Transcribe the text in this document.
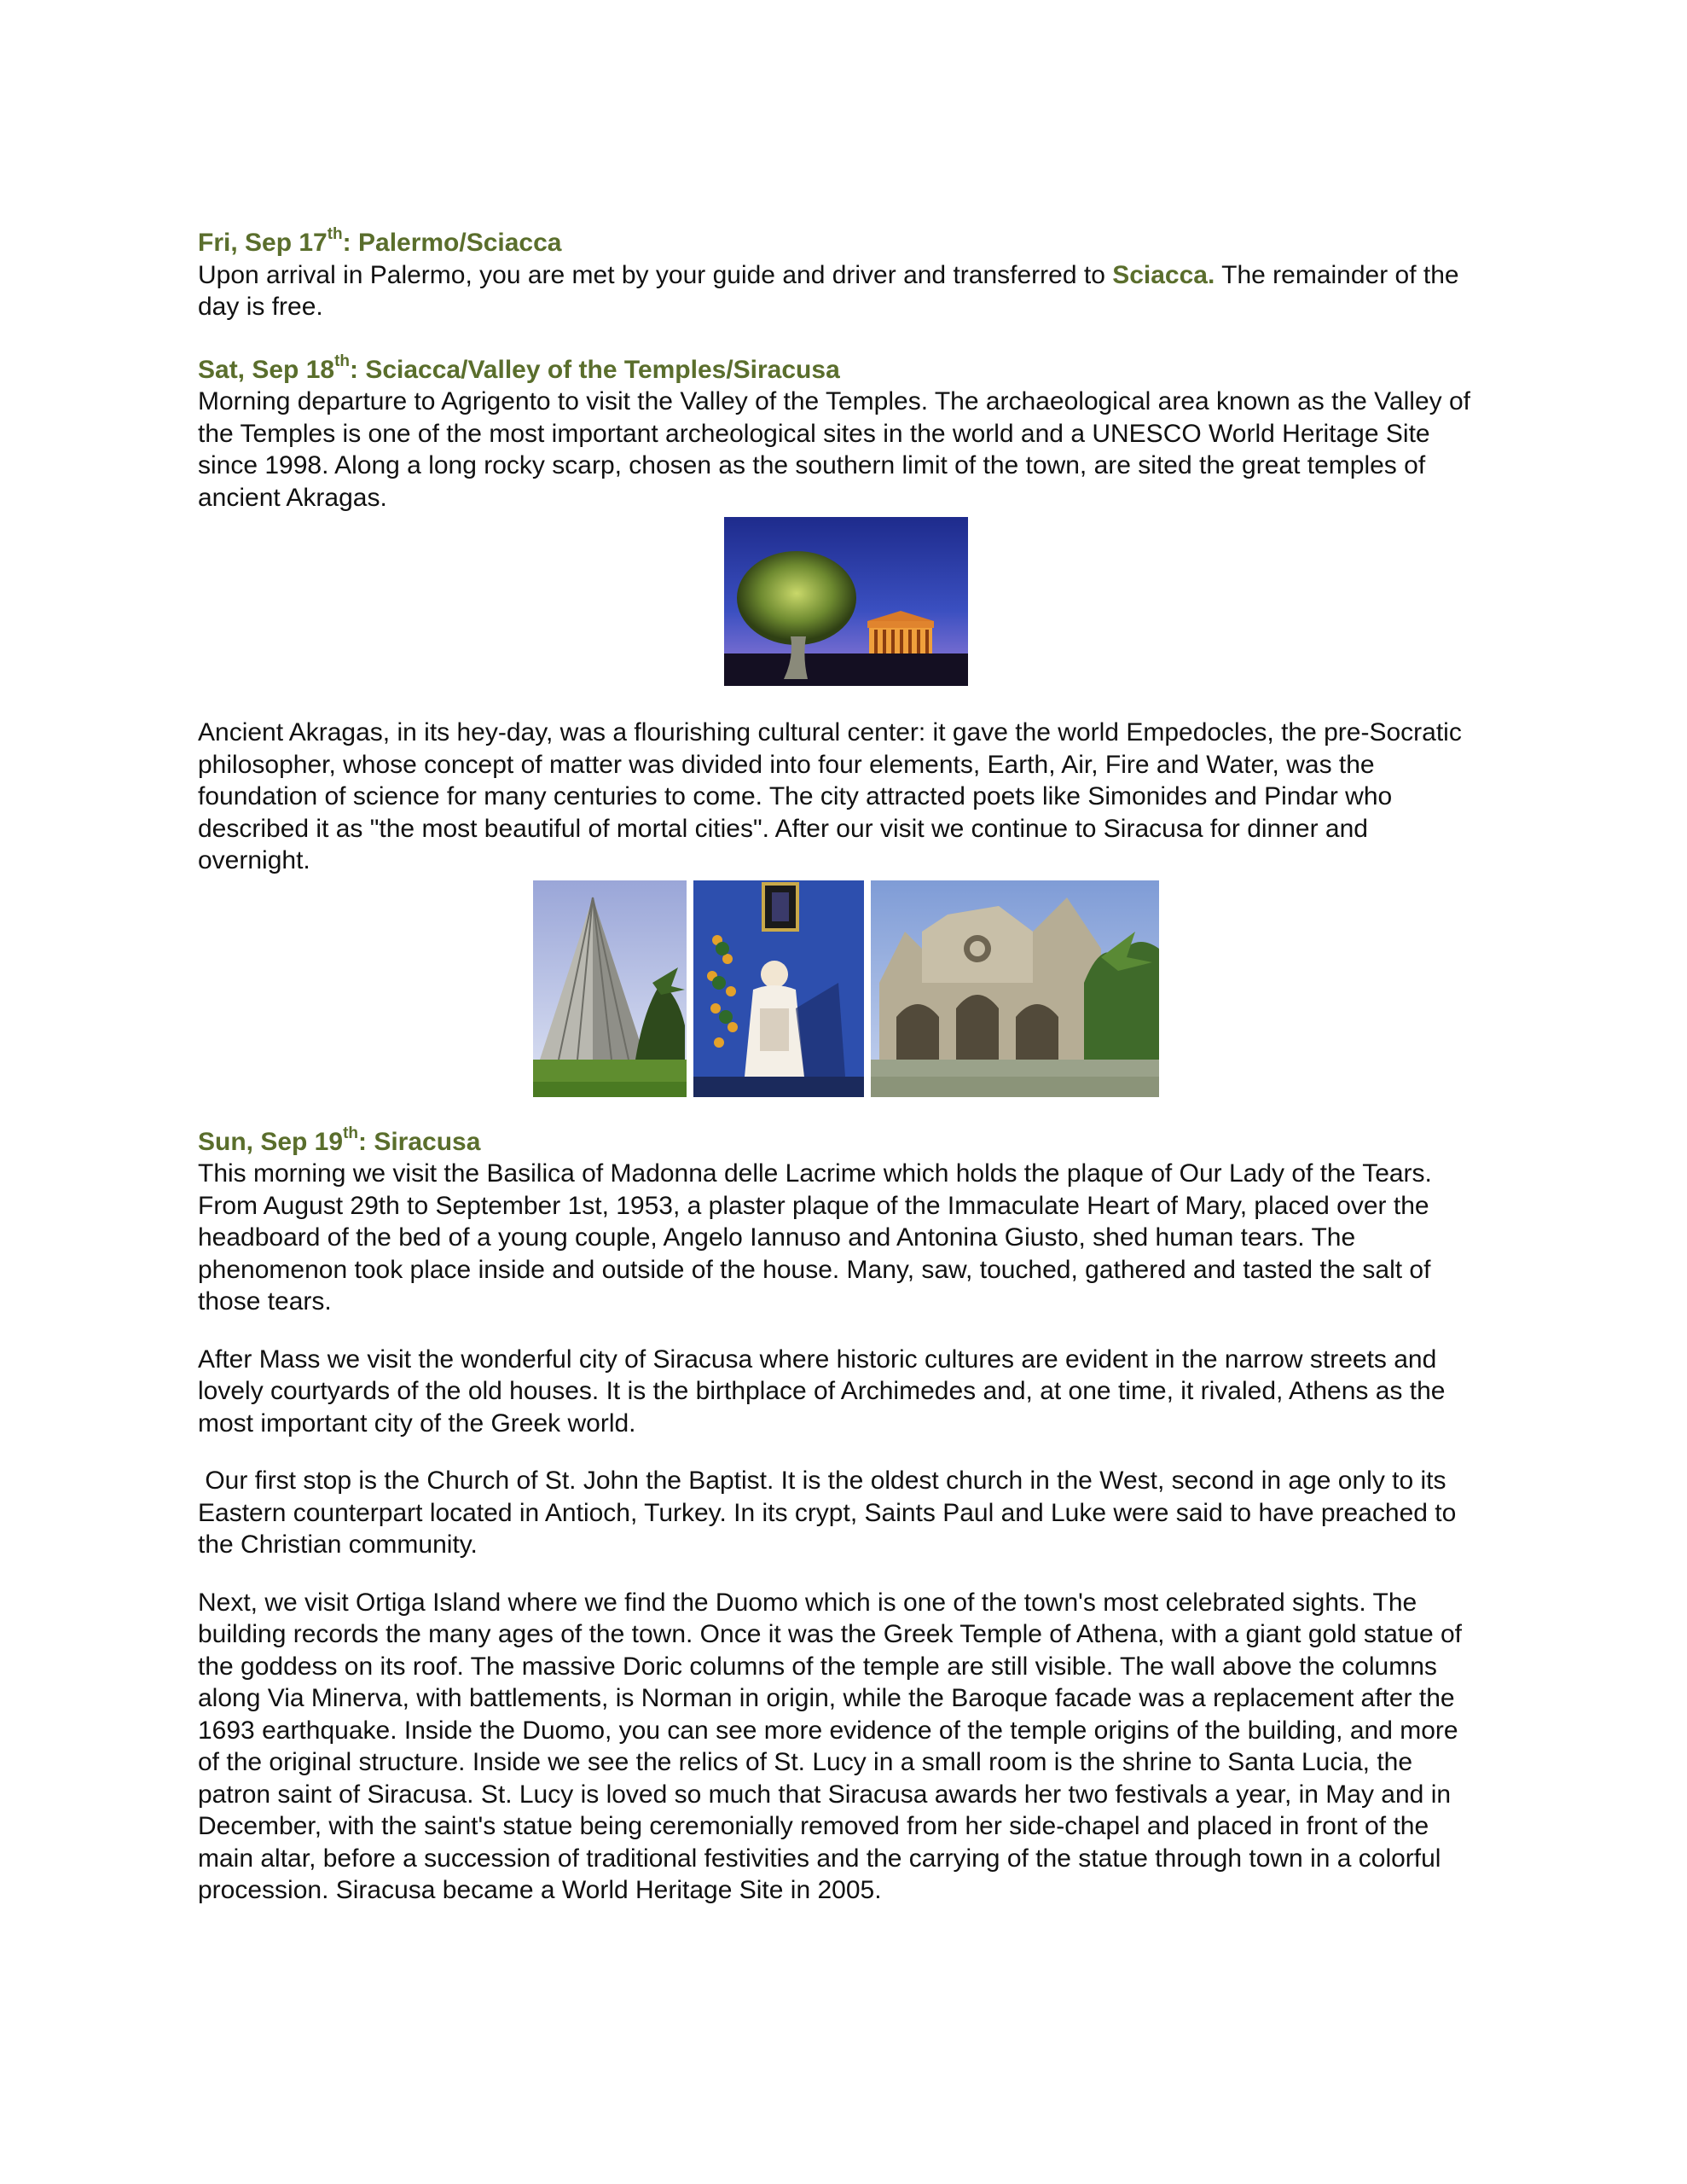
Fri, Sep 17th: Palermo/Sciacca

Upon arrival in Palermo, you are met by your guide and driver and transferred to Sciacca. The remainder of the day is free.

Sat, Sep 18th: Sciacca/Valley of the Temples/Siracusa

Morning departure to Agrigento to visit the Valley of the Temples. The archaeological area known as the Valley of the Temples is one of the most important archeological sites in the world and a UNESCO World Heritage Site since 1998. Along a long rocky scarp, chosen as the southern limit of the town, are sited the great temples of ancient Akragas.

Ancient Akragas, in its hey-day, was a flourishing cultural center: it gave the world Empedocles, the pre-Socratic philosopher, whose concept of matter was divided into four elements, Earth, Air, Fire and Water, was the foundation of science for many centuries to come. The city attracted poets like Simonides and Pindar who described it as "the most beautiful of mortal cities". After our visit we continue to Siracusa for dinner and overnight.

Sun, Sep 19th: Siracusa

This morning we visit the Basilica of Madonna delle Lacrime which holds the plaque of Our Lady of the Tears. From August 29th to September 1st, 1953, a plaster plaque of the Immaculate Heart of Mary, placed over the headboard of the bed of a young couple, Angelo Iannuso and Antonina Giusto, shed human tears. The phenomenon took place inside and outside of the house. Many, saw, touched, gathered and tasted the salt of those tears.

After Mass we visit the wonderful city of Siracusa where historic cultures are evident in the narrow streets and lovely courtyards of the old houses. It is the birthplace of Archimedes and, at one time, it rivaled, Athens as the most important city of the Greek world.

Our first stop is the Church of St. John the Baptist. It is the oldest church in the West, second in age only to its Eastern counterpart located in Antioch, Turkey. In its crypt, Saints Paul and Luke were said to have preached to the Christian community.

Next, we visit Ortiga Island where we find the Duomo which is one of the town's most celebrated sights. The building records the many ages of the town. Once it was the Greek Temple of Athena, with a giant gold statue of the goddess on its roof. The massive Doric columns of the temple are still visible. The wall above the columns along Via Minerva, with battlements, is Norman in origin, while the Baroque facade was a replacement after the 1693 earthquake. Inside the Duomo, you can see more evidence of the temple origins of the building, and more of the original structure. Inside we see the relics of St. Lucy in a small room is the shrine to Santa Lucia, the patron saint of Siracusa. St. Lucy is loved so much that Siracusa awards her two festivals a year, in May and in December, with the saint's statue being ceremonially removed from her side-chapel and placed in front of the main altar, before a succession of traditional festivities and the carrying of the statue through town in a colorful procession. Siracusa became a World Heritage Site in 2005.
